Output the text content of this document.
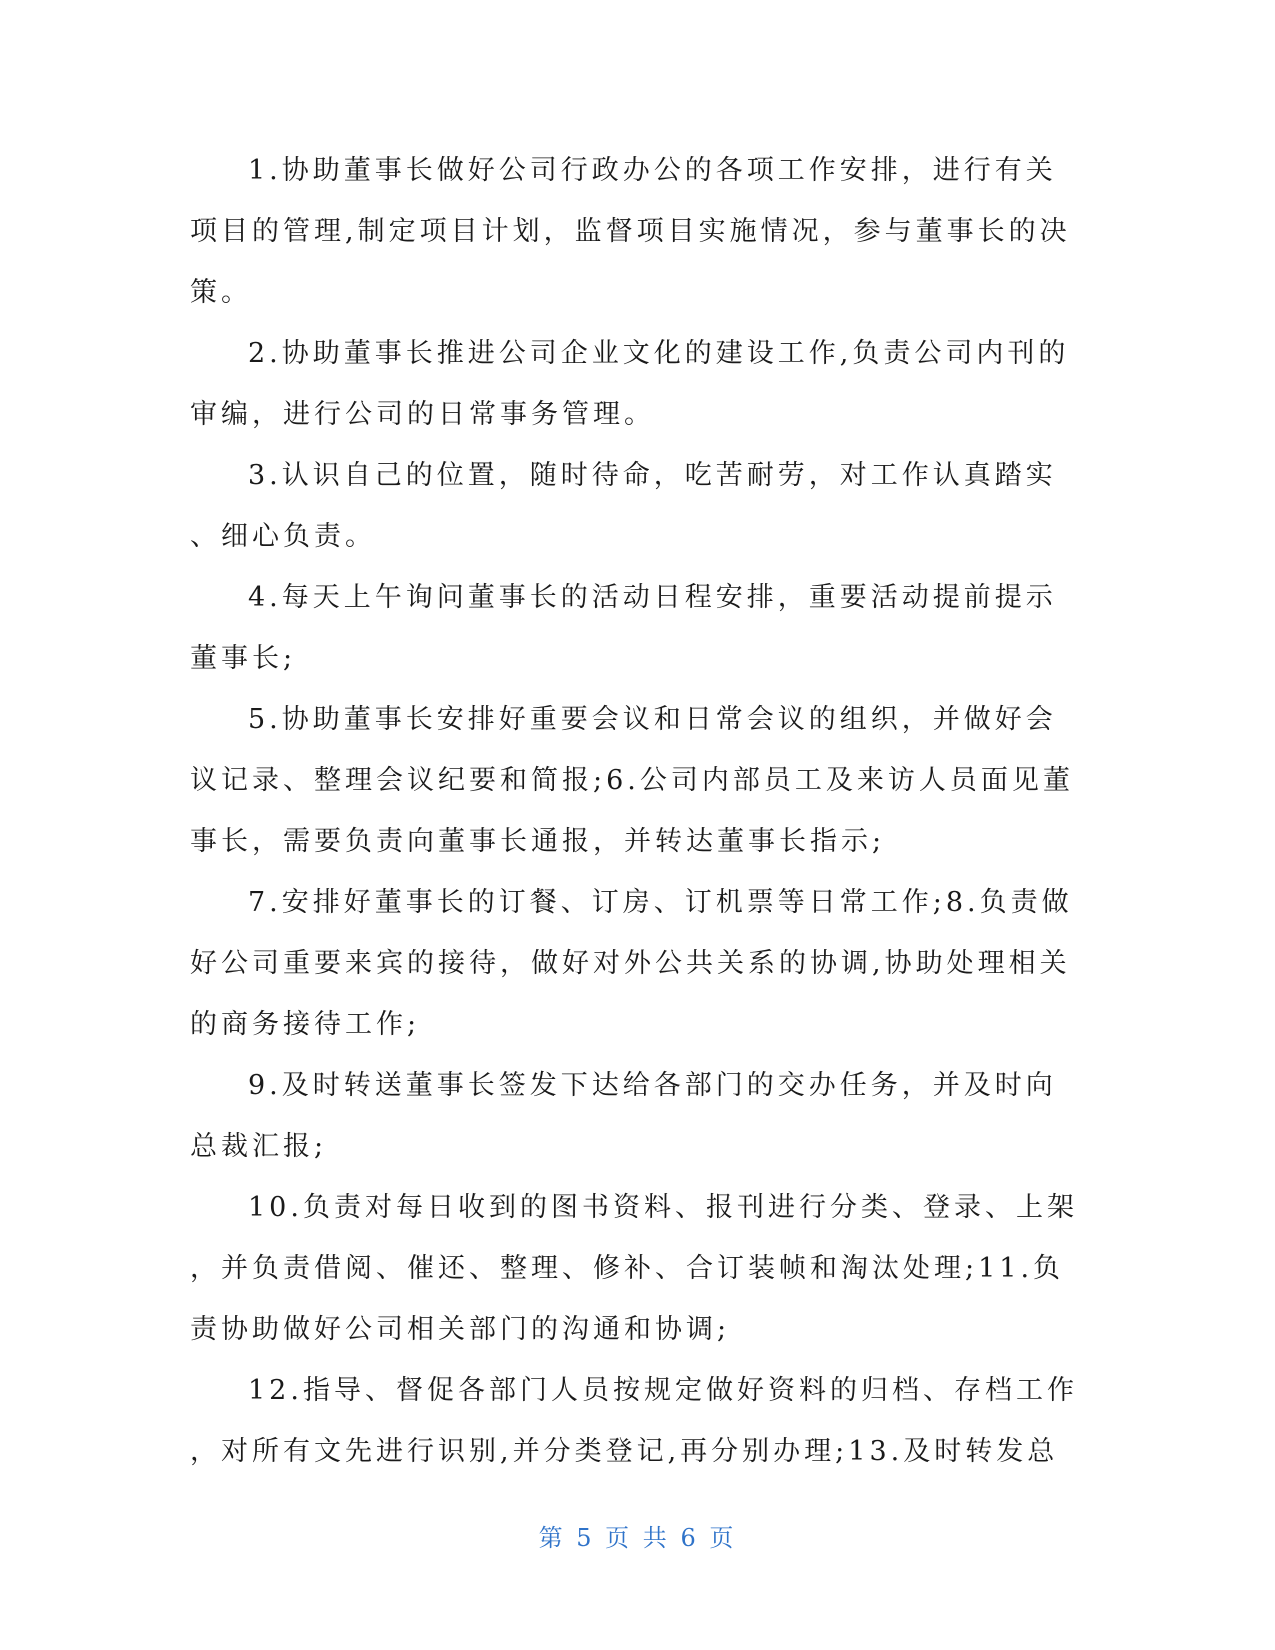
1.协助董事长做好公司行政办公的各项工作安排，进行有关
项目的管理,制定项目计划，监督项目实施情况，参与董事长的决
策。

2.协助董事长推进公司企业文化的建设工作,负责公司内刊的
审编，进行公司的日常事务管理。

3.认识自己的位置，随时待命，吃苦耐劳，对工作认真踏实
、细心负责。

4.每天上午询问董事长的活动日程安排，重要活动提前提示
董事长;

5.协助董事长安排好重要会议和日常会议的组织，并做好会
议记录、整理会议纪要和简报;6.公司内部员工及来访人员面见董
事长，需要负责向董事长通报，并转达董事长指示;

7.安排好董事长的订餐、订房、订机票等日常工作;8.负责做
好公司重要来宾的接待，做好对外公共关系的协调,协助处理相关
的商务接待工作;

9.及时转送董事长签发下达给各部门的交办任务，并及时向
总裁汇报;

10.负责对每日收到的图书资料、报刊进行分类、登录、上架
，并负责借阅、催还、整理、修补、合订装帧和淘汰处理;11.负
责协助做好公司相关部门的沟通和协调;

12.指导、督促各部门人员按规定做好资料的归档、存档工作
，对所有文先进行识别,并分类登记,再分别办理;13.及时转发总

第 5 页 共 6 页
